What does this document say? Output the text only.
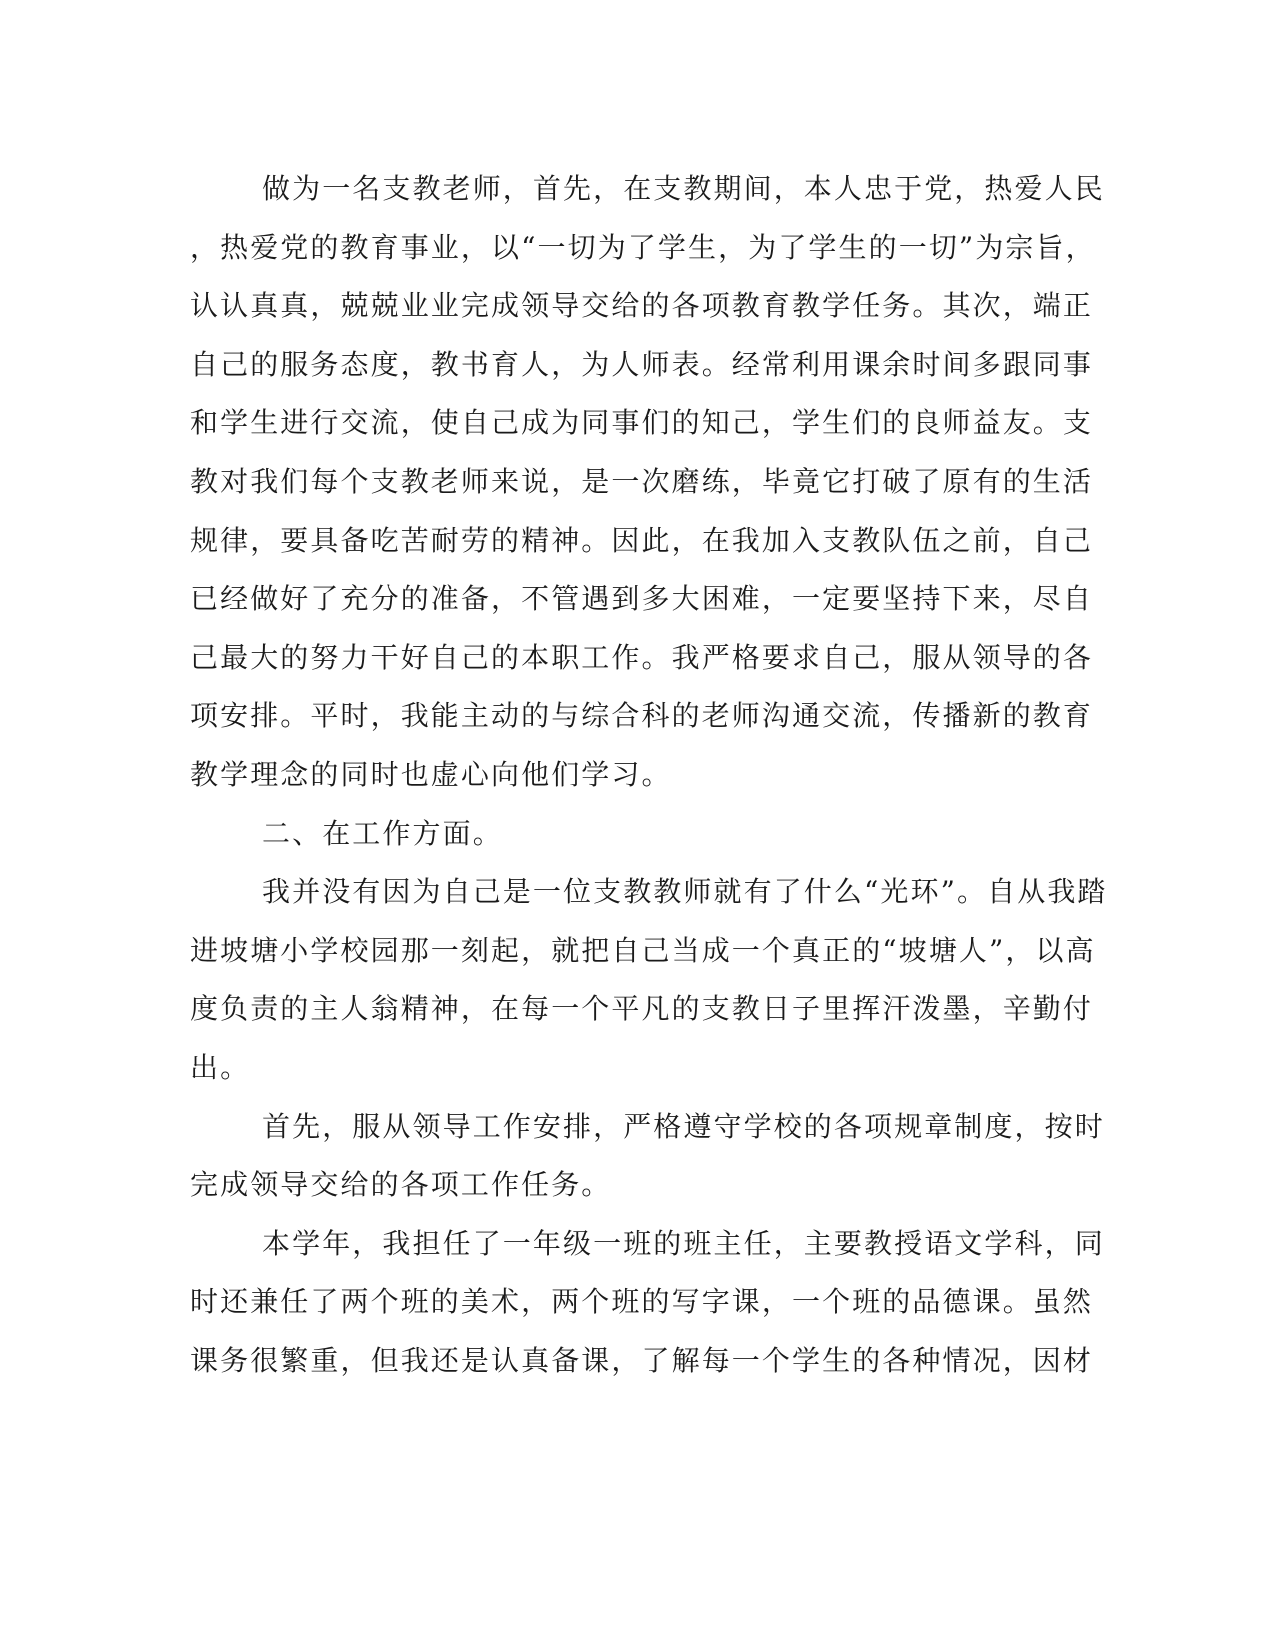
做为一名支教老师，首先，在支教期间，本人忠于党，热爱人民
，热爱党的教育事业，以“一切为了学生，为了学生的一切”为宗旨，
认认真真，兢兢业业完成领导交给的各项教育教学任务。其次，端正
自己的服务态度，教书育人，为人师表。经常利用课余时间多跟同事
和学生进行交流，使自己成为同事们的知己，学生们的良师益友。支
教对我们每个支教老师来说，是一次磨练，毕竟它打破了原有的生活
规律，要具备吃苦耐劳的精神。因此，在我加入支教队伍之前，自己
已经做好了充分的准备，不管遇到多大困难，一定要坚持下来，尽自
己最大的努力干好自己的本职工作。我严格要求自己，服从领导的各
项安排。平时，我能主动的与综合科的老师沟通交流，传播新的教育
教学理念的同时也虚心向他们学习。
二、在工作方面。
我并没有因为自己是一位支教教师就有了什么“光环”。自从我踏
进坡塘小学校园那一刻起，就把自己当成一个真正的“坡塘人”，以高
度负责的主人翁精神，在每一个平凡的支教日子里挥汗泼墨，辛勤付
出。
首先，服从领导工作安排，严格遵守学校的各项规章制度，按时
完成领导交给的各项工作任务。
本学年，我担任了一年级一班的班主任，主要教授语文学科，同
时还兼任了两个班的美术，两个班的写字课，一个班的品德课。虽然
课务很繁重，但我还是认真备课，了解每一个学生的各种情况，因材
